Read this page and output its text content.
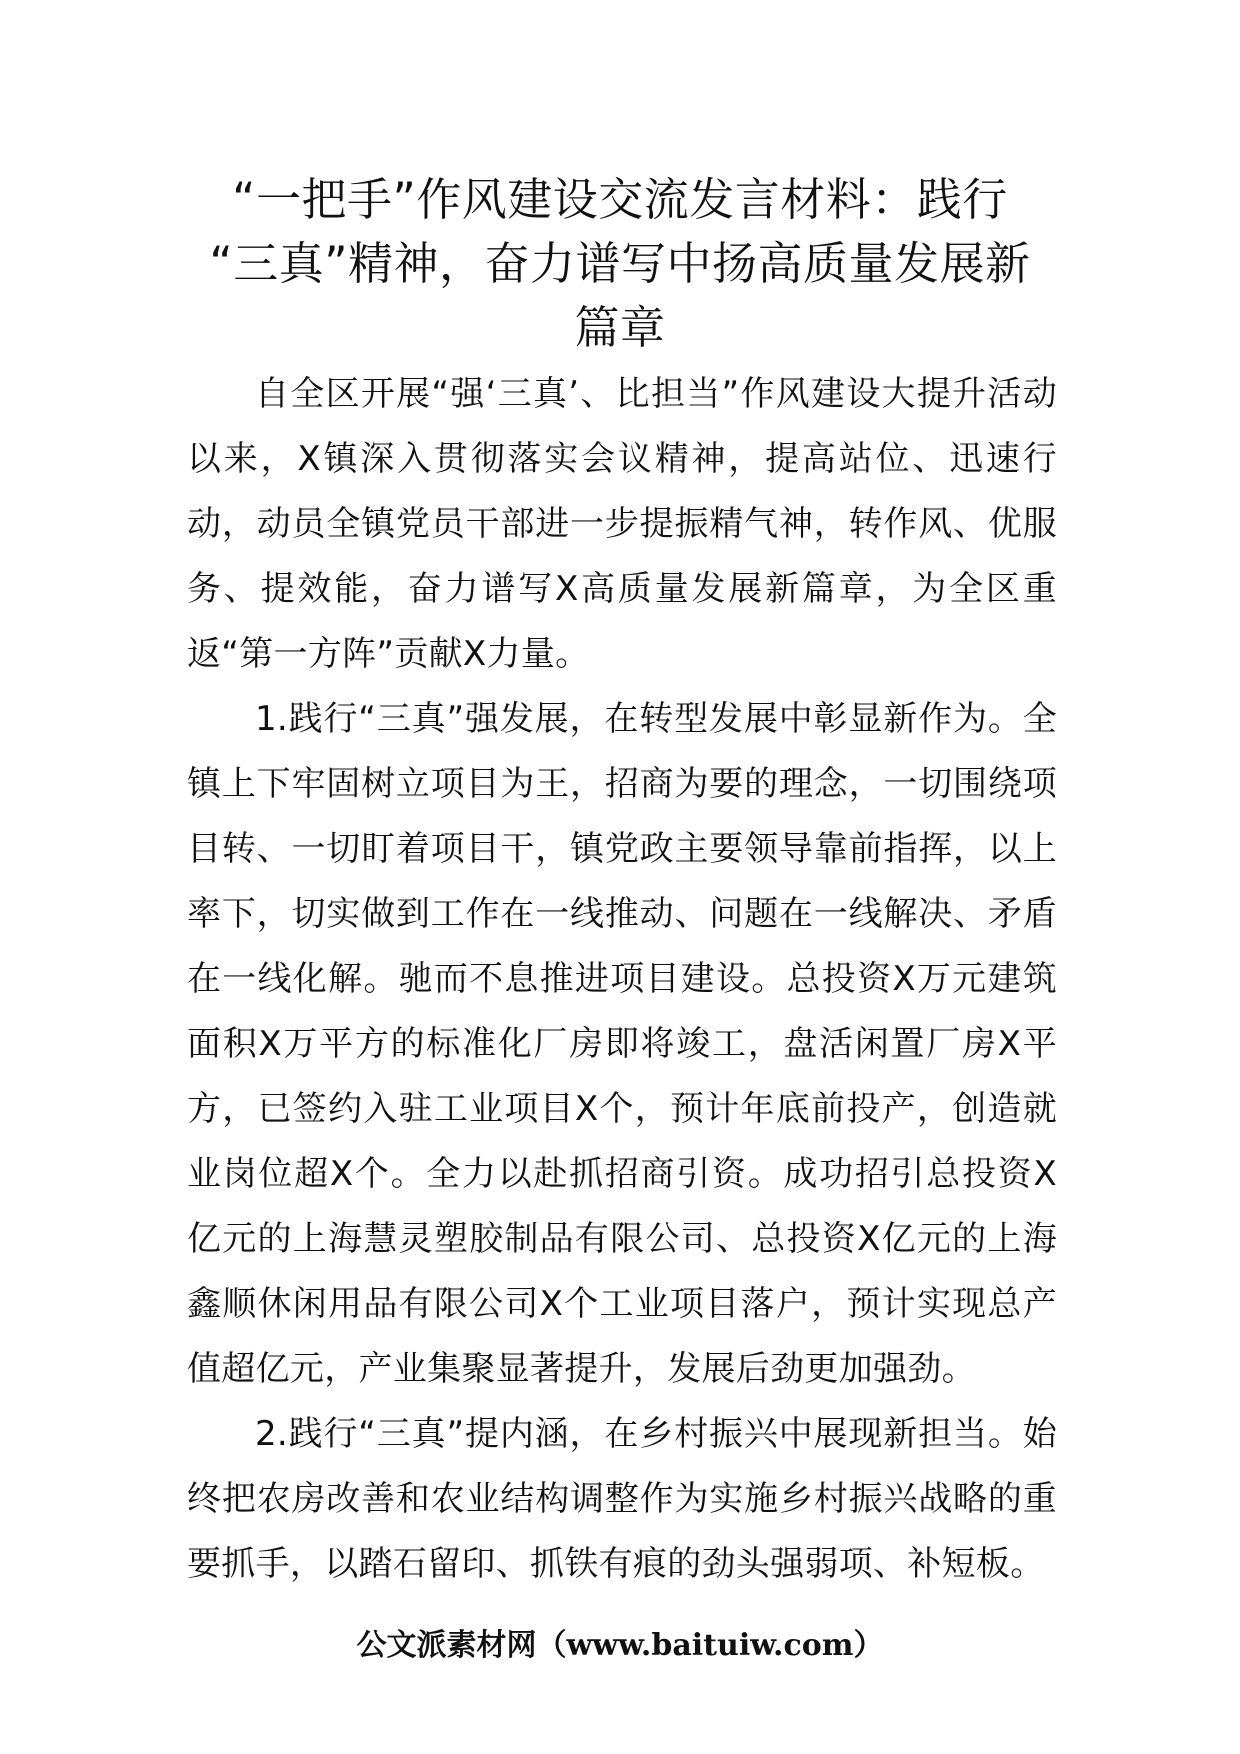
“一把手”作风建设交流发言材料：践行
“三真”精神，奋力谱写中扬高质量发展新
篇章

自全区开展“强‘三真’、比担当”作风建设大提升活动以来，X镇深入贯彻落实会议精神，提高站位、迅速行动，动员全镇党员干部进一步提振精气神，转作风、优服务、提效能，奋力谱写X高质量发展新篇章，为全区重返“第一方阵”贡献X力量。

1.践行“三真”强发展，在转型发展中彰显新作为。全镇上下牢固树立项目为王，招商为要的理念，一切围绕项目转、一切盯着项目干，镇党政主要领导靠前指挥，以上率下，切实做到工作在一线推动、问题在一线解决、矛盾在一线化解。驰而不息推进项目建设。总投资X万元建筑面积X万平方的标准化厂房即将竣工，盘活闲置厂房X平方，已签约入驻工业项目X个，预计年底前投产，创造就业岗位超X个。全力以赴抓招商引资。成功招引总投资X亿元的上海慧灵塑胶制品有限公司、总投资X亿元的上海鑫顺休闲用品有限公司X个工业项目落户，预计实现总产值超亿元，产业集聚显著提升，发展后劲更加强劲。

2.践行“三真”提内涵，在乡村振兴中展现新担当。始终把农房改善和农业结构调整作为实施乡村振兴战略的重要抓手，以踏石留印、抓铁有痕的劲头强弱项、补短板。

公文派素材网（www.baituiw.com）
